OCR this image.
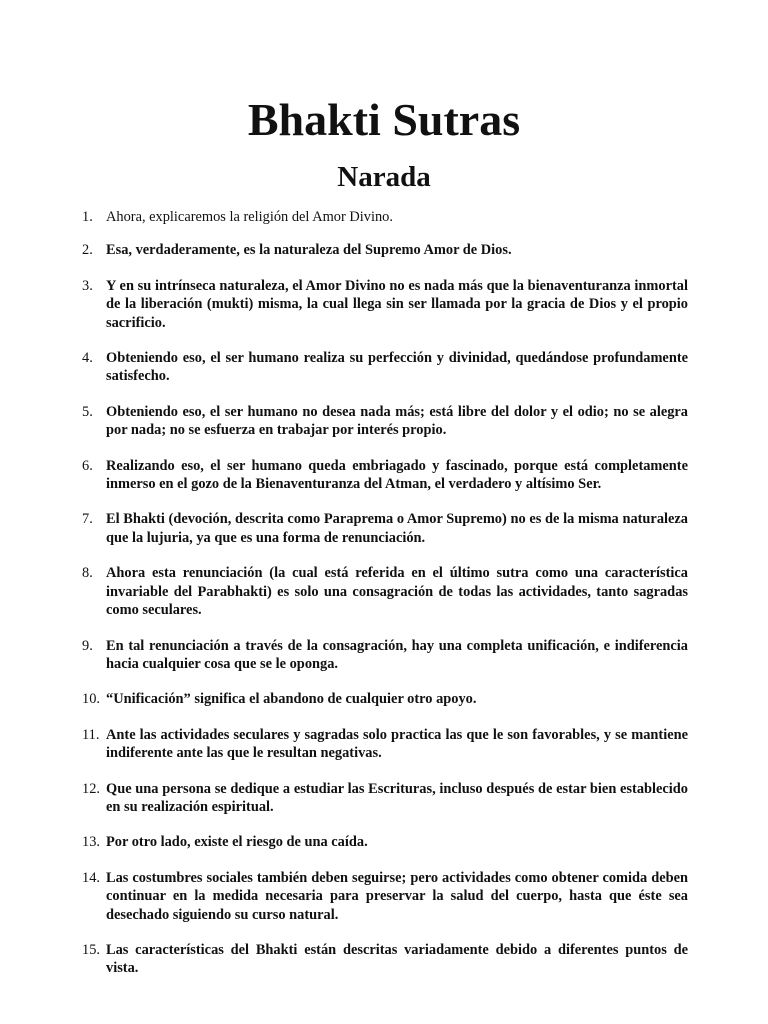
Bhakti Sutras
Narada
1. Ahora, explicaremos la religión del Amor Divino.
2. Esa, verdaderamente, es la naturaleza del Supremo Amor de Dios.
3. Y en su intrínseca naturaleza, el Amor Divino no es nada más que la bienaventuranza inmortal de la liberación (mukti) misma, la cual llega sin ser llamada por la gracia de Dios y el propio sacrificio.
4. Obteniendo eso, el ser humano realiza su perfección y divinidad, quedándose profundamente satisfecho.
5. Obteniendo eso, el ser humano no desea nada más; está libre del dolor y el odio; no se alegra por nada; no se esfuerza en trabajar por interés propio.
6. Realizando eso, el ser humano queda embriagado y fascinado, porque está completamente inmerso en el gozo de la Bienaventuranza del Atman, el verdadero y altísimo Ser.
7. El Bhakti (devoción, descrita como Paraprema o Amor Supremo) no es de la misma naturaleza que la lujuria, ya que es una forma de renunciación.
8. Ahora esta renunciación (la cual está referida en el último sutra como una característica invariable del Parabhakti) es solo una consagración de todas las actividades, tanto sagradas como seculares.
9. En tal renunciación a través de la consagración, hay una completa unificación, e indiferencia hacia cualquier cosa que se le oponga.
10. “Unificación” significa el abandono de cualquier otro apoyo.
11. Ante las actividades seculares y sagradas solo practica las que le son favorables, y se mantiene indiferente ante las que le resultan negativas.
12. Que una persona se dedique a estudiar las Escrituras, incluso después de estar bien establecido en su realización espiritual.
13. Por otro lado, existe el riesgo de una caída.
14. Las costumbres sociales también deben seguirse; pero actividades como obtener comida deben continuar en la medida necesaria para preservar la salud del cuerpo, hasta que éste sea desechado siguiendo su curso natural.
15. Las características del Bhakti están descritas variadamente debido a diferentes puntos de vista.
